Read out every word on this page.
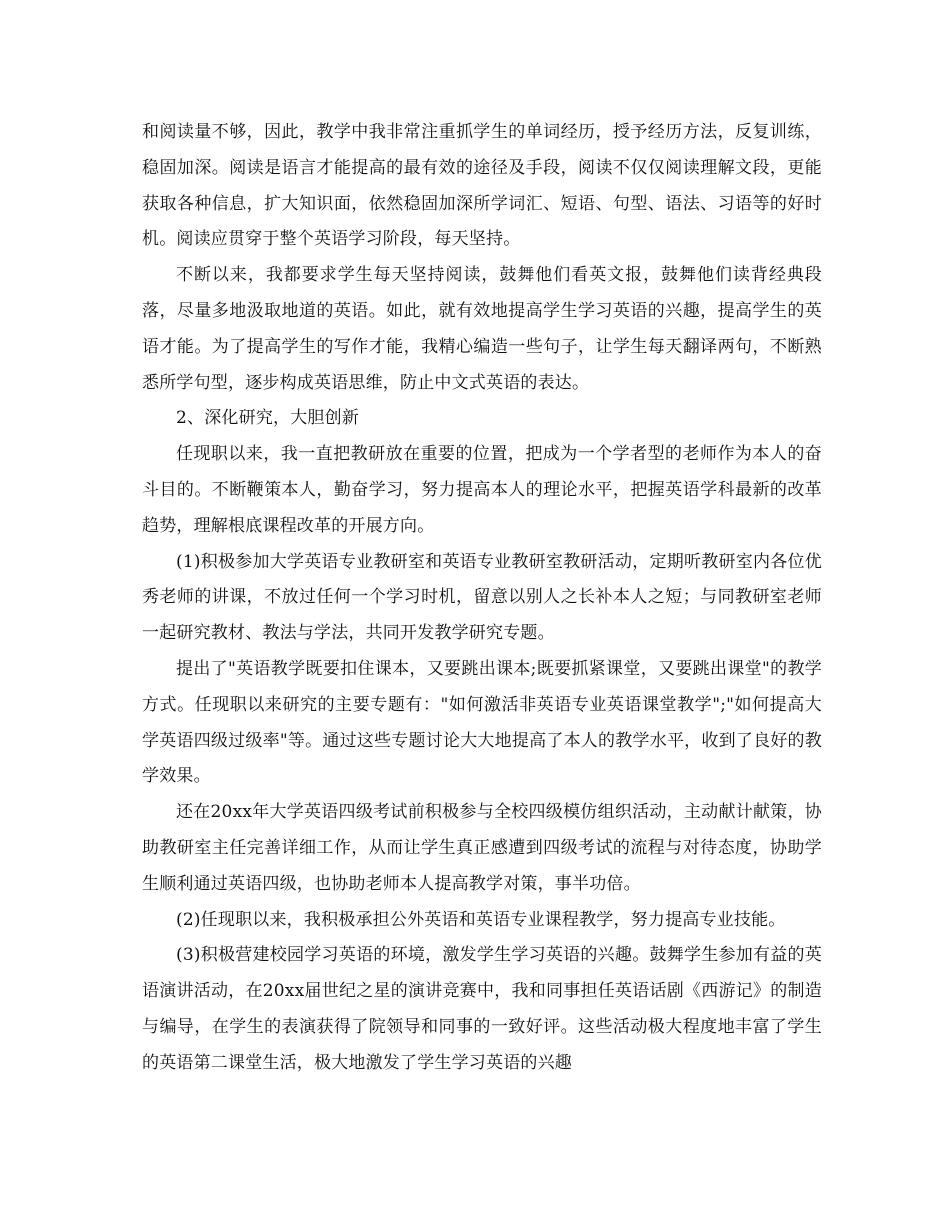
和阅读量不够，因此，教学中我非常注重抓学生的单词经历，授予经历方法，反复训练，稳固加深。阅读是语言才能提高的最有效的途径及手段，阅读不仅仅阅读理解文段，更能获取各种信息，扩大知识面，依然稳固加深所学词汇、短语、句型、语法、习语等的好时机。阅读应贯穿于整个英语学习阶段，每天坚持。

不断以来，我都要求学生每天坚持阅读，鼓舞他们看英文报，鼓舞他们读背经典段落，尽量多地汲取地道的英语。如此，就有效地提高学生学习英语的兴趣，提高学生的英语才能。为了提高学生的写作才能，我精心编造一些句子，让学生每天翻译两句，不断熟悉所学句型，逐步构成英语思维，防止中文式英语的表达。

2、深化研究，大胆创新

任现职以来，我一直把教研放在重要的位置，把成为一个学者型的老师作为本人的奋斗目的。不断鞭策本人，勤奋学习，努力提高本人的理论水平，把握英语学科最新的改革趋势，理解根底课程改革的开展方向。

(1)积极参加大学英语专业教研室和英语专业教研室教研活动，定期听教研室内各位优秀老师的讲课，不放过任何一个学习时机，留意以别人之长补本人之短；与同教研室老师一起研究教材、教法与学法，共同开发教学研究专题。

提出了"英语教学既要扣住课本，又要跳出课本;既要抓紧课堂，又要跳出课堂"的教学方式。任现职以来研究的主要专题有："如何激活非英语专业英语课堂教学";"如何提高大学英语四级过级率"等。通过这些专题讨论大大地提高了本人的教学水平，收到了良好的教学效果。

还在20xx年大学英语四级考试前积极参与全校四级模仿组织活动，主动献计献策，协助教研室主任完善详细工作，从而让学生真正感遭到四级考试的流程与对待态度，协助学生顺利通过英语四级，也协助老师本人提高教学对策，事半功倍。

(2)任现职以来，我积极承担公外英语和英语专业课程教学，努力提高专业技能。

(3)积极营建校园学习英语的环境，激发学生学习英语的兴趣。鼓舞学生参加有益的英语演讲活动，在20xx届世纪之星的演讲竞赛中，我和同事担任英语话剧《西游记》的制造与编导，在学生的表演获得了院领导和同事的一致好评。这些活动极大程度地丰富了学生的英语第二课堂生活，极大地激发了学生学习英语的兴趣
